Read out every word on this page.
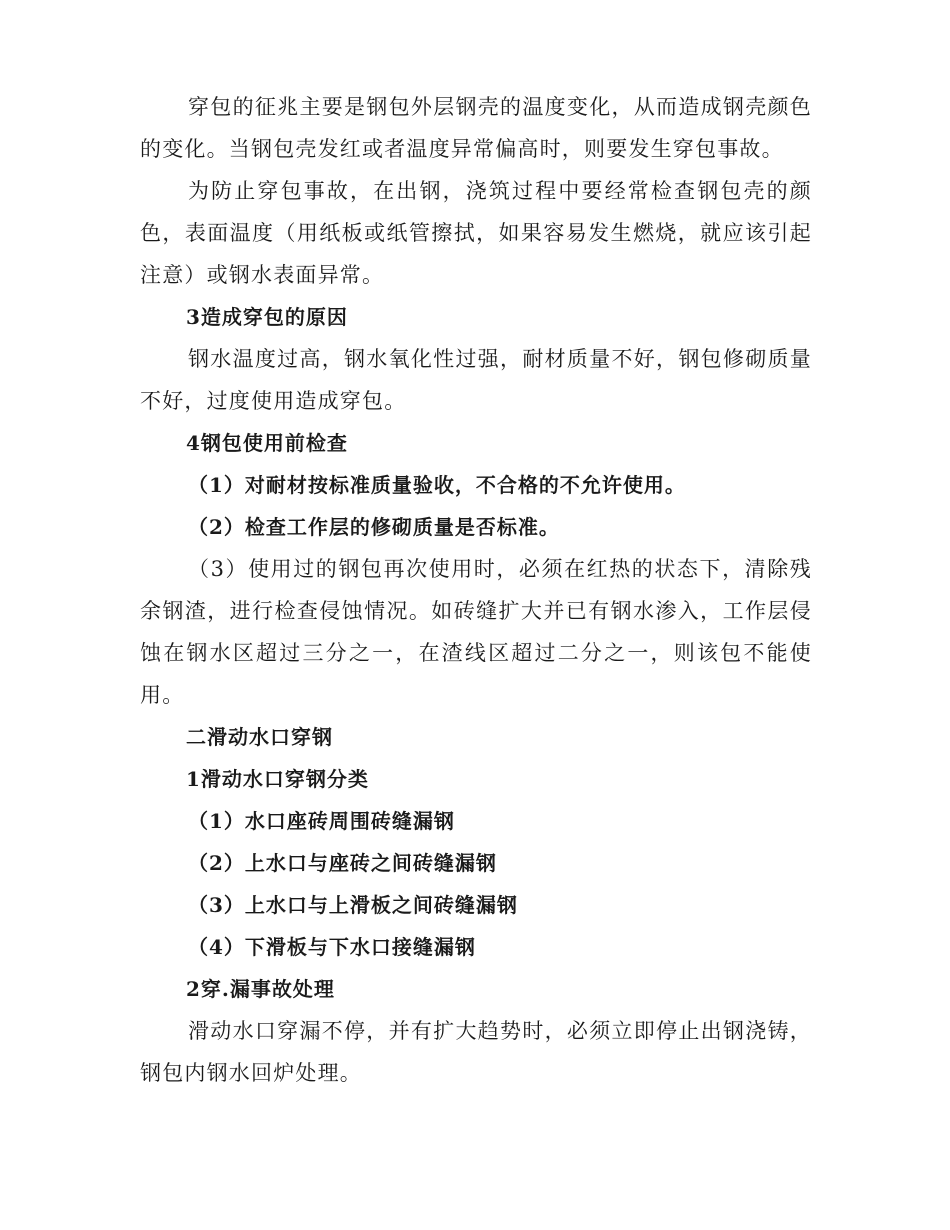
穿包的征兆主要是钢包外层钢壳的温度变化，从而造成钢壳颜色的变化。当钢包壳发红或者温度异常偏高时，则要发生穿包事故。

为防止穿包事故，在出钢，浇筑过程中要经常检查钢包壳的颜色，表面温度（用纸板或纸管擦拭，如果容易发生燃烧，就应该引起注意）或钢水表面异常。

3造成穿包的原因

钢水温度过高，钢水氧化性过强，耐材质量不好，钢包修砌质量不好，过度使用造成穿包。

4钢包使用前检查

（1）对耐材按标准质量验收，不合格的不允许使用。

（2）检查工作层的修砌质量是否标准。

（3）使用过的钢包再次使用时，必须在红热的状态下，清除残余钢渣，进行检查侵蚀情况。如砖缝扩大并已有钢水渗入，工作层侵蚀在钢水区超过三分之一，在渣线区超过二分之一，则该包不能使用。

二滑动水口穿钢

1滑动水口穿钢分类

（1）水口座砖周围砖缝漏钢

（2）上水口与座砖之间砖缝漏钢

（3）上水口与上滑板之间砖缝漏钢

（4）下滑板与下水口接缝漏钢

2穿.漏事故处理

滑动水口穿漏不停，并有扩大趋势时，必须立即停止出钢浇铸，钢包内钢水回炉处理。
